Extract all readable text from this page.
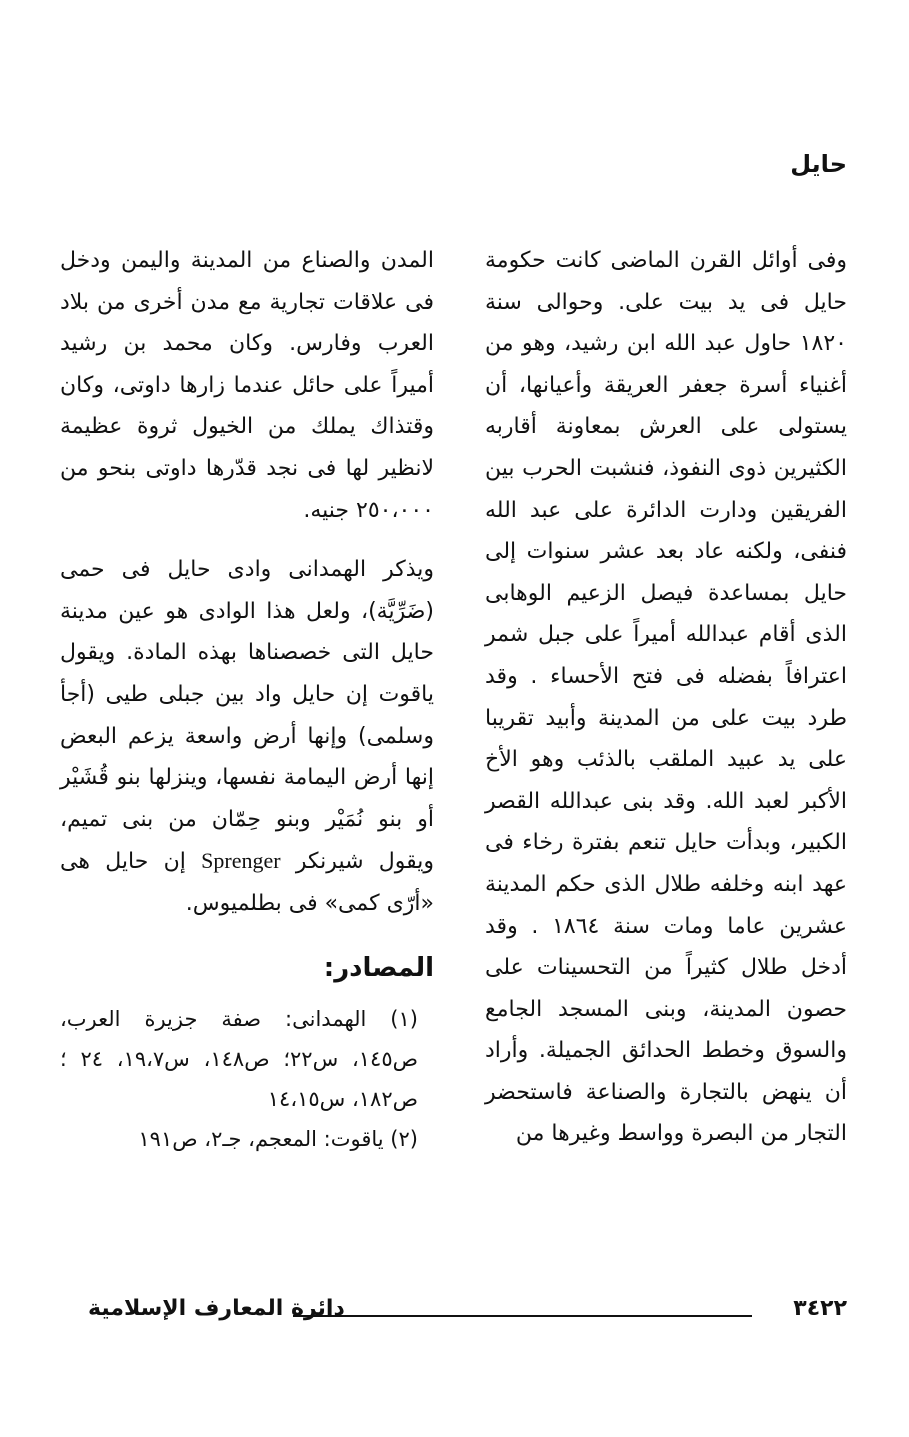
حايل

وفى أوائل القرن الماضى كانت حكومة حايل فى يد بيت على. وحوالى سنة ١٨٢٠ حاول عبد الله ابن رشيد، وهو من أغنياء أسرة جعفر العريقة وأعيانها، أن يستولى على العرش بمعاونة أقاربه الكثيرين ذوى النفوذ، فنشبت الحرب بين الفريقين ودارت الدائرة على عبد الله فنفى، ولكنه عاد بعد عشر سنوات إلى حايل بمساعدة فيصل الزعيم الوهابى الذى أقام عبدالله أميراً على جبل شمر اعترافاً بفضله فى فتح الأحساء . وقد طرد بيت على من المدينة وأبيد تقريبا على يد عبيد الملقب بالذئب وهو الأخ الأكبر لعبد الله. وقد بنى عبدالله القصر الكبير، وبدأت حايل تنعم بفترة رخاء فى عهد ابنه وخلفه طلال الذى حكم المدينة عشرين عاما ومات سنة ١٨٦٤ . وقد أدخل طلال كثيراً من التحسينات على حصون المدينة، وبنى المسجد الجامع والسوق وخطط الحدائق الجميلة. وأراد أن ينهض بالتجارة والصناعة فاستحضر التجار من البصرة وواسط وغيرها من

المدن والصناع من المدينة واليمن ودخل فى علاقات تجارية مع مدن أخرى من بلاد العرب وفارس. وكان محمد بن رشيد أميراً على حائل عندما زارها داوتى، وكان وقتذاك يملك من الخيول ثروة عظيمة لانظير لها فى نجد قدّرها داوتى بنحو من ٢٥٠،٠٠٠ جنيه.

ويذكر الهمدانى وادى حايل فى حمى (ضَرِّيَّة)، ولعل هذا الوادى هو عين مدينة حايل التى خصصناها بهذه المادة. ويقول ياقوت إن حايل واد بين جبلى طيى (أجأ وسلمى) وإنها أرض واسعة يزعم البعض إنها أرض اليمامة نفسها، وينزلها بنو قُشَيْر أو بنو نُمَيْر وبنو حِمّان من بنى تميم، ويقول شيرنكر Sprenger إن حايل هى «أرّى كمى» فى بطلميوس.

المصادر:

(١) الهمدانى: صفة جزيرة العرب، ص١٤٥، س٢٢؛ ص١٤٨، س١٩،٧، ٢٤ ؛ ص١٨٢، س١٤،١٥

(٢) ياقوت: المعجم، جـ٢، ص١٩١

٣٤٢٢
دائرة المعارف الإسلامية
